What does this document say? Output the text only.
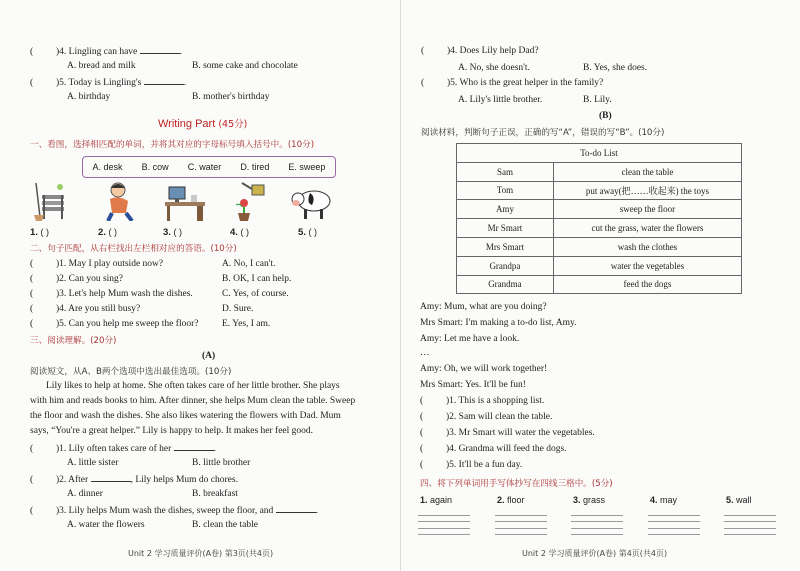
()4. Lingling can have	.
A. bread and milk	B. some cake and chocolate
()5. Today is Lingling's	.
A. birthday	B. mother's birthday
Writing Part (45分)
一、看图，选择相匹配的单词，并将其对应的字母标号填入括号中。(10分)
A. desk B. cow C. water D. tired E. sweep
1. ( )	2. ( )	3. ( )	4. ( )	5. ( )
二、句子匹配，从右栏找出左栏相对应的答语。(10分)
( )1. May I play outside now?	A. No, I can't.
( )2. Can you sing?	B. OK, I can help.
( )3. Let's help Mum wash the dishes.	C. Yes, of course.
( )4. Are you still busy?	D. Sure.
( )5. Can you help me sweep the floor? E. Yes, I am.
三、阅读理解。(20分)
(A)
阅读短文，从A、B两个选项中选出最佳选项。(10分)
Lily likes to help at home. She often takes care of her little brother. She plays
with him and reads books to him. After dinner, she helps Mum clean the table. Sweep
the floor and wash the dishes. She also likes watering the flowers with Dad. Mum
says, “You're a great helper.” Lily is happy to help. It makes her feel good.
( )1. Lily often takes care of her	.
A. little sister	B. little brother
( )2. After	, Lily helps Mum do chores.
A. dinner	B. breakfast
( )3. Lily helps Mum wash the dishes, sweep the floor, and	.
A. water the flowers	B. clean the table
Unit 2 学习质量评价(A卷) 第3页(共4页)
( )4. Does Lily help Dad?
A. No, she doesn't.	B. Yes, she does.
( )5. Who is the great helper in the family?
A. Lily's little brother.	B. Lily.
(B)
阅读材料，判断句子正误，正确的写“A”，错误的写“B”。(10分)
To-do List	
Sam	clean the table
Tom	put away(把……收起来) the toys
Amy	sweep the floor
Mr Smart	cut the grass, water the flowers
Mrs Smart	wash the clothes
Grandpa	water the vegetables
Grandma	feed the dogs
Amy: Mum, what are you doing?
Mrs Smart: I'm making a to-do list, Amy.
Amy: Let me have a look.
…
Amy: Oh, we will work together!
Mrs Smart: Yes. It'll be fun!
( )1. This is a shopping list.
( )2. Sam will clean the table.
( )3. Mr Smart will water the vegetables.
( )4. Grandma will feed the dogs.
( )5. It'll be a fun day.
四、将下列单词用手写体抄写在四线三格中。(5分)
1. again	2. floor	3. grass	4. may	5. wall
Unit 2 学习质量评价(A卷) 第4页(共4页)
